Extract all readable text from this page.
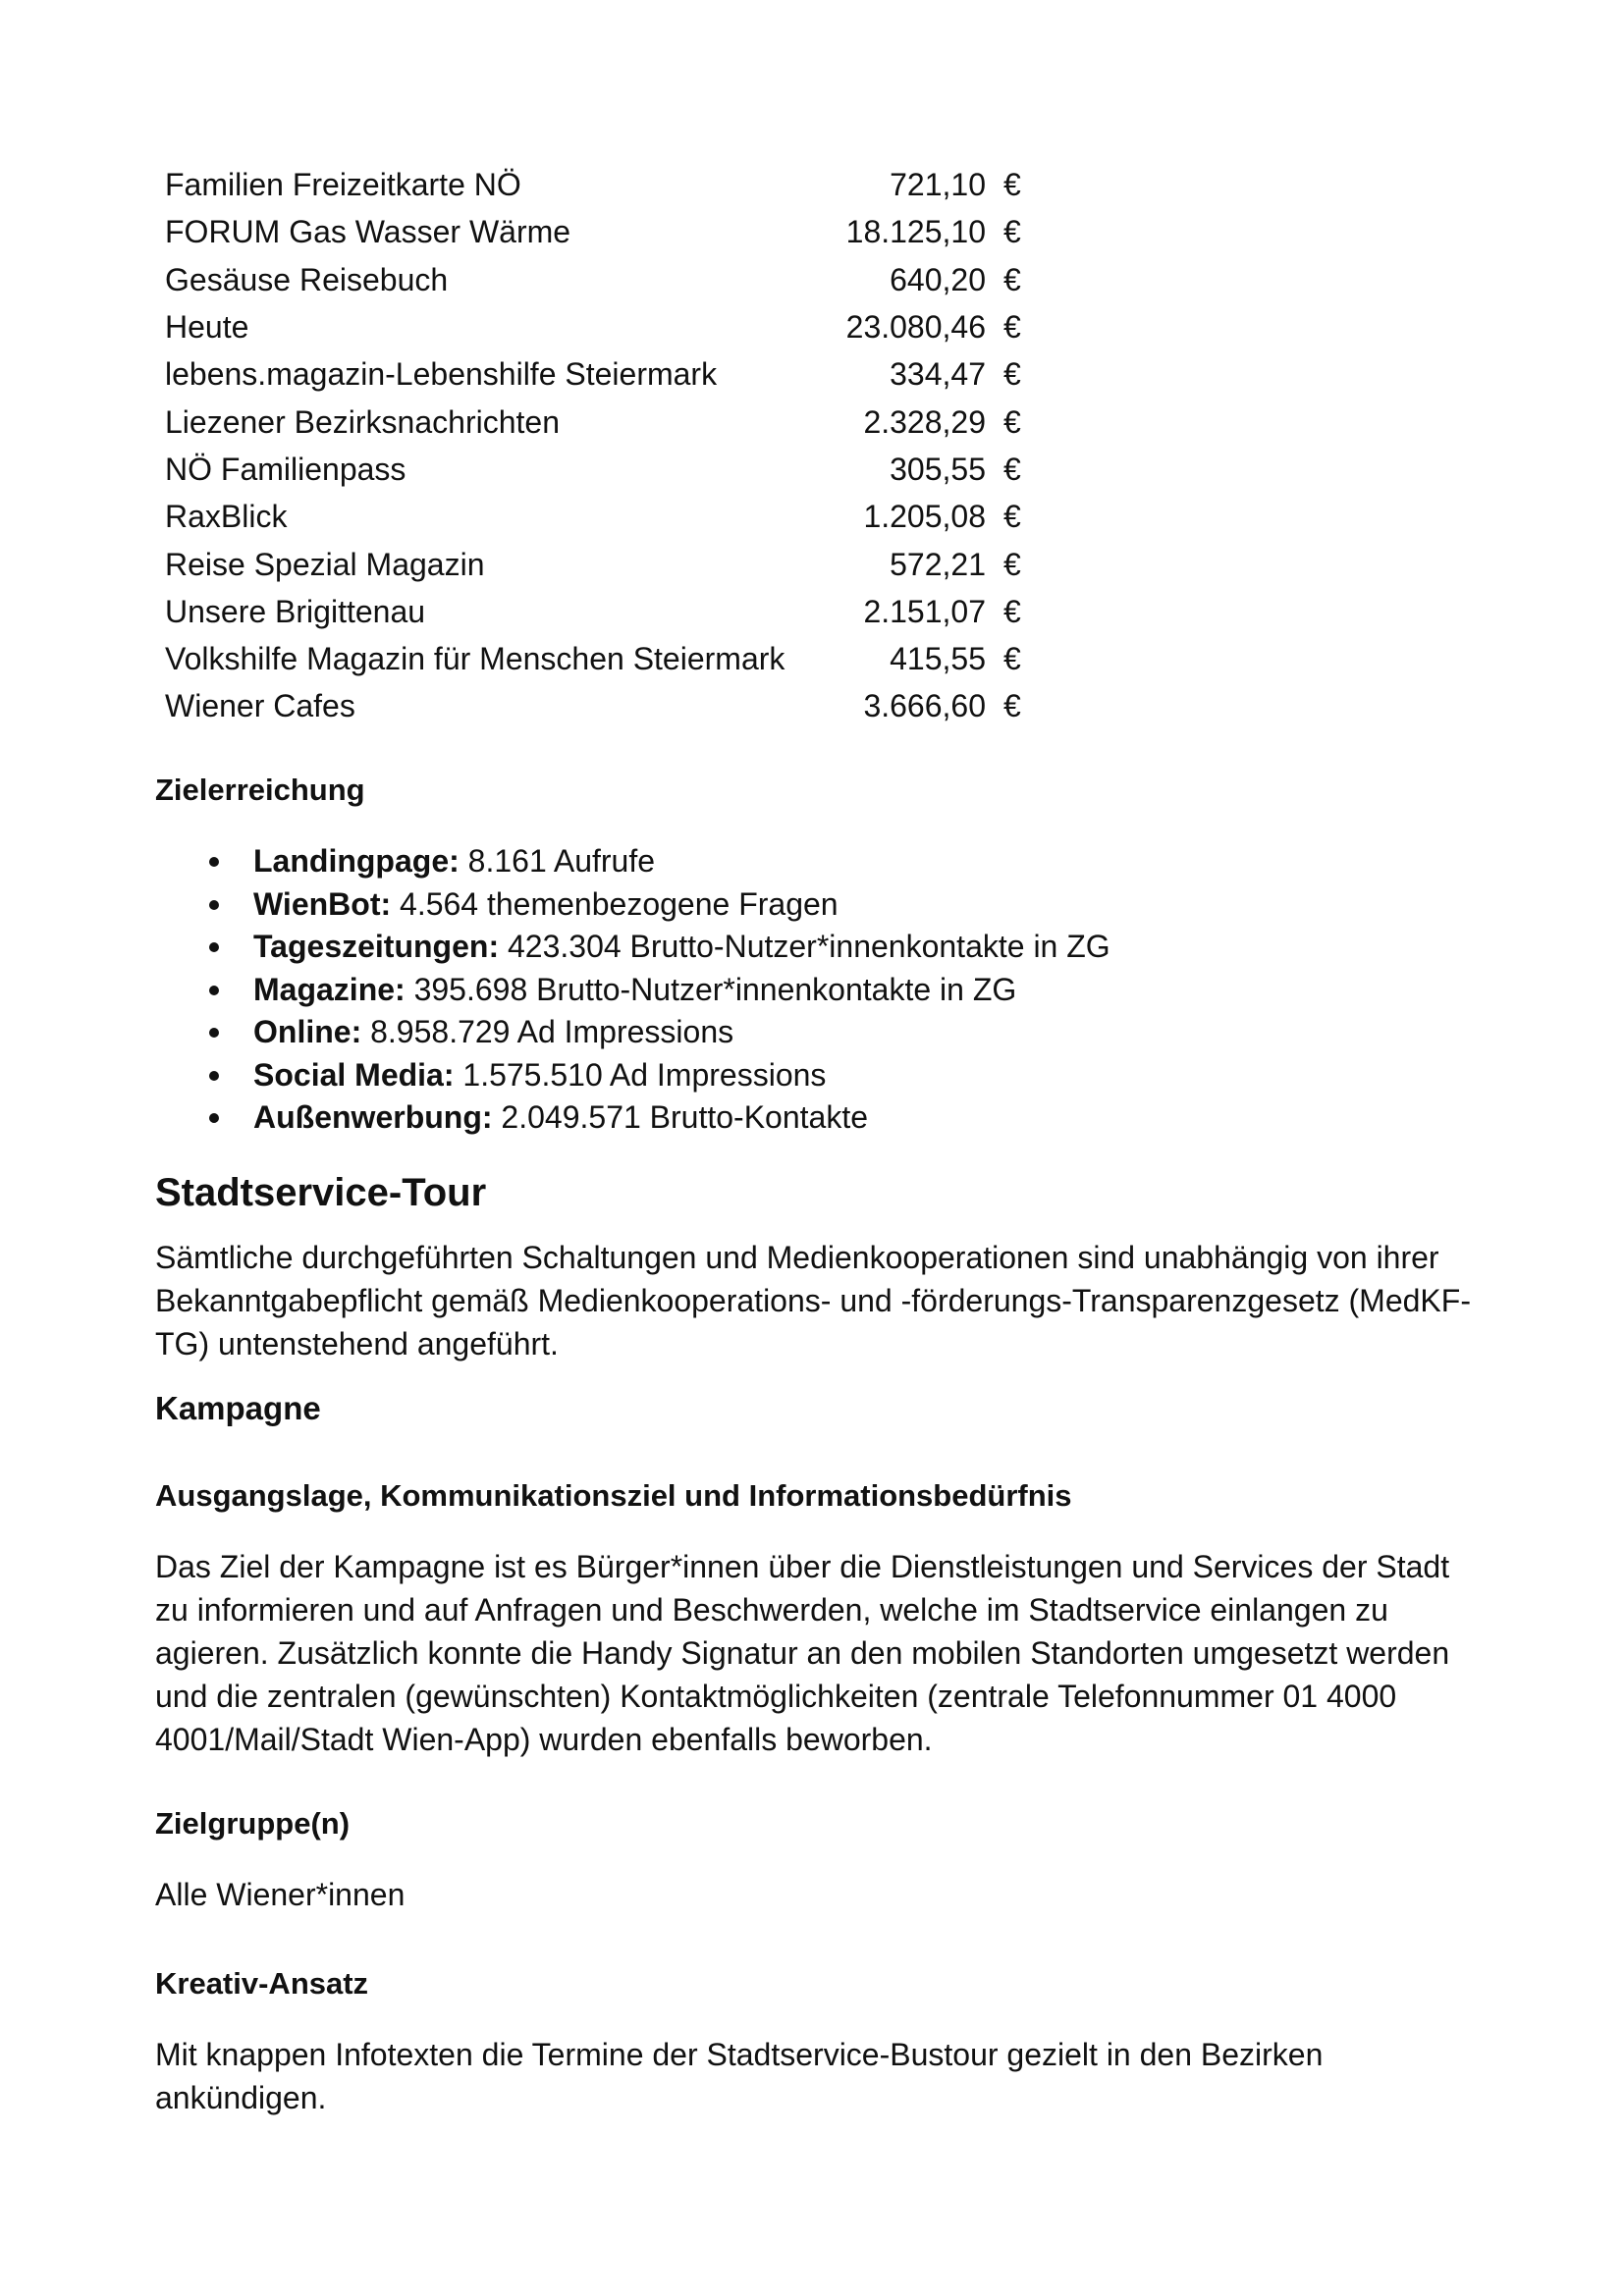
Familien Freizeitkarte NÖ	721,10	€
FORUM Gas Wasser Wärme	18.125,10	€
Gesäuse Reisebuch	640,20	€
Heute	23.080,46	€
lebens.magazin-Lebenshilfe Steiermark	334,47	€
Liezener Bezirksnachrichten	2.328,29	€
NÖ Familienpass	305,55	€
RaxBlick	1.205,08	€
Reise Spezial Magazin	572,21	€
Unsere Brigittenau	2.151,07	€
Volkshilfe Magazin für Menschen Steiermark	415,55	€
Wiener Cafes	3.666,60	€
Zielerreichung
Landingpage: 8.161 Aufrufe
WienBot: 4.564 themenbezogene Fragen
Tageszeitungen: 423.304 Brutto-Nutzer*innenkontakte in ZG
Magazine: 395.698 Brutto-Nutzer*innenkontakte in ZG
Online: 8.958.729 Ad Impressions
Social Media: 1.575.510 Ad Impressions
Außenwerbung: 2.049.571 Brutto-Kontakte
Stadtservice-Tour

Sämtliche durchgeführten Schaltungen und Medienkooperationen sind unabhängig von ihrer Bekanntgabepflicht gemäß Medienkooperations- und -förderungs-Transparenzgesetz (MedKF-TG) untenstehend angeführt.

Kampagne
Ausgangslage, Kommunikationsziel und Informationsbedürfnis

Das Ziel der Kampagne ist es Bürger*innen über die Dienstleistungen und Services der Stadt zu informieren und auf Anfragen und Beschwerden, welche im Stadtservice einlangen zu agieren. Zusätzlich konnte die Handy Signatur an den mobilen Standorten umgesetzt werden und die zentralen (gewünschten) Kontaktmöglichkeiten (zentrale Telefonnummer 01 4000 4001/Mail/Stadt Wien-App) wurden ebenfalls beworben.

Zielgruppe(n)

Alle Wiener*innen

Kreativ-Ansatz

Mit knappen Infotexten die Termine der Stadtservice-Bustour gezielt in den Bezirken ankündigen.
